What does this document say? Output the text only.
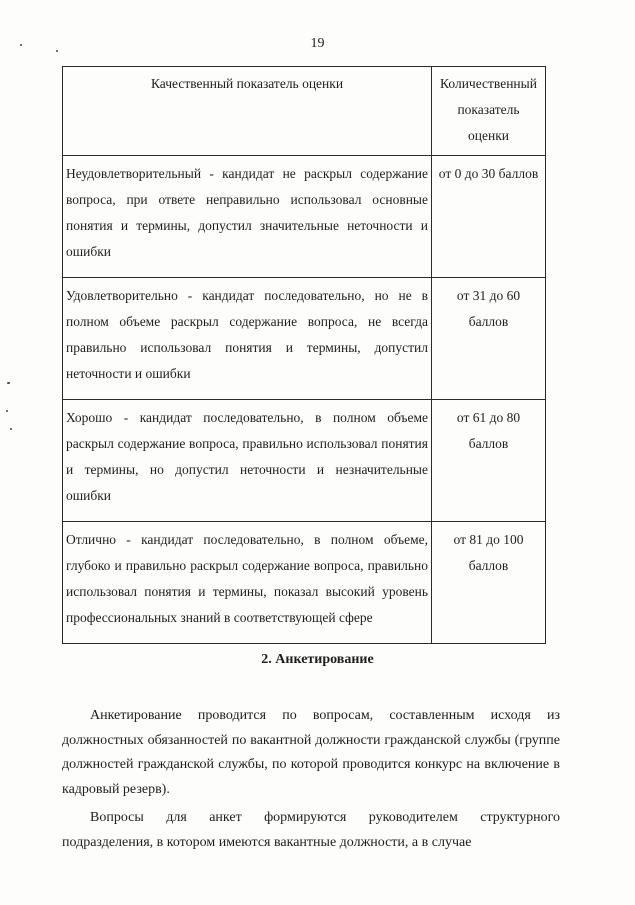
19
Качественный показатель оценки	Количественный показатель оценки
Неудовлетворительный - кандидат не раскрыл содержание вопроса, при ответе неправильно использовал основные понятия и термины, допустил значительные неточности и ошибки	от 0 до 30 баллов
Удовлетворительно - кандидат последовательно, но не в полном объеме раскрыл содержание вопроса, не всегда правильно использовал понятия и термины, допустил неточности и ошибки	от 31 до 60 баллов
Хорошо - кандидат последовательно, в полном объеме раскрыл содержание вопроса, правильно использовал понятия и термины, но допустил неточности и незначительные ошибки	от 61 до 80 баллов
Отлично - кандидат последовательно, в полном объеме, глубоко и правильно раскрыл содержание вопроса, правильно использовал понятия и термины, показал высокий уровень профессиональных знаний в соответствующей сфере	от 81 до 100 баллов
2. Анкетирование

Анкетирование проводится по вопросам, составленным исходя из должностных обязанностей по вакантной должности гражданской службы (группе должностей гражданской службы, по которой проводится конкурс на включение в кадровый резерв).

Вопросы для анкет формируются руководителем структурного подразделения, в котором имеются вакантные должности, а в случае
